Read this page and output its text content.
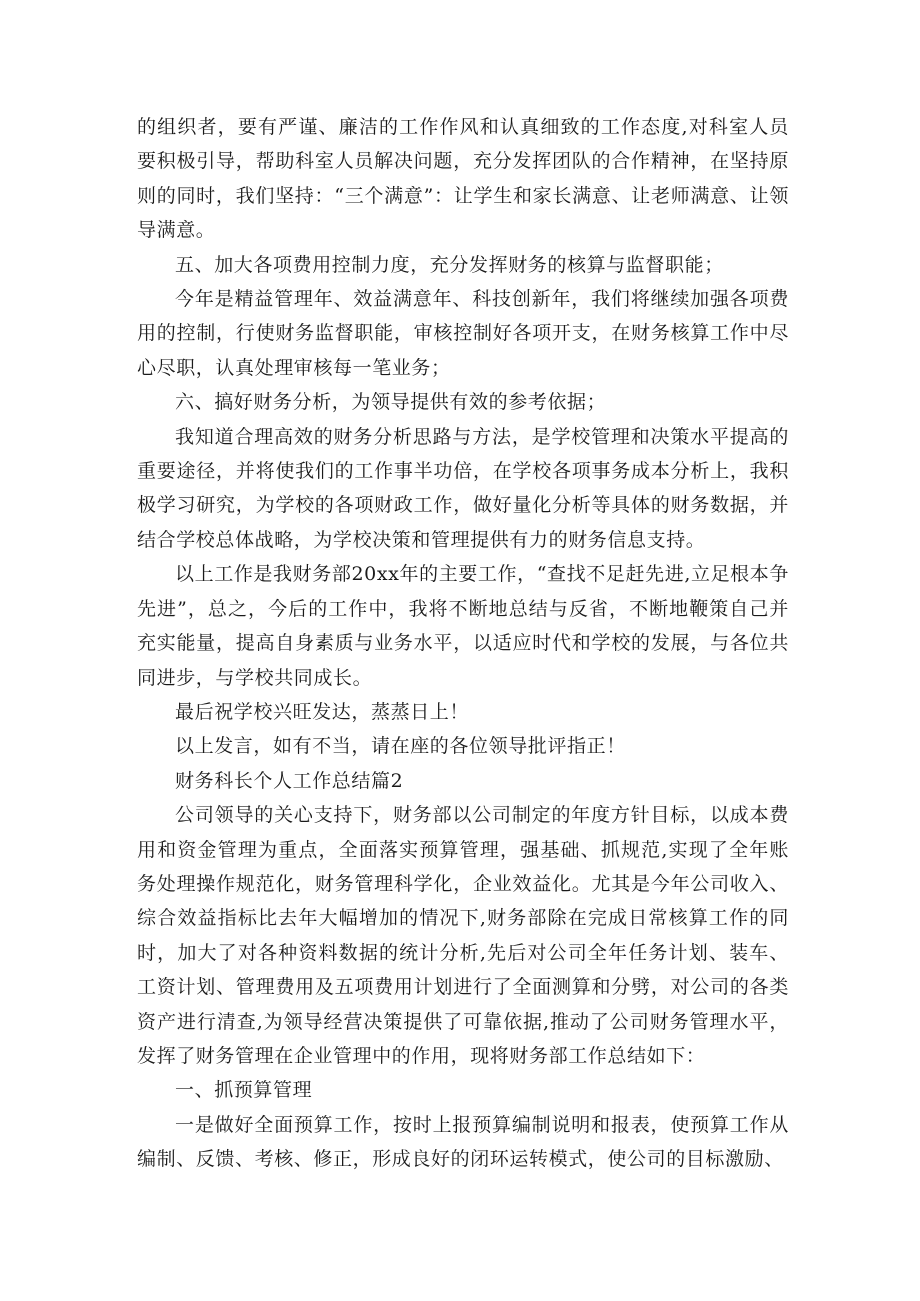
的组织者，要有严谨、廉洁的工作作风和认真细致的工作态度,对科室人员要积极引导，帮助科室人员解决问题，充分发挥团队的合作精神，在坚持原则的同时，我们坚持：“三个满意”：让学生和家长满意、让老师满意、让领导满意。

五、加大各项费用控制力度，充分发挥财务的核算与监督职能；

今年是精益管理年、效益满意年、科技创新年，我们将继续加强各项费用的控制，行使财务监督职能，审核控制好各项开支，在财务核算工作中尽心尽职，认真处理审核每一笔业务；

六、搞好财务分析，为领导提供有效的参考依据；

我知道合理高效的财务分析思路与方法，是学校管理和决策水平提高的重要途径，并将使我们的工作事半功倍，在学校各项事务成本分析上，我积极学习研究，为学校的各项财政工作，做好量化分析等具体的财务数据，并结合学校总体战略，为学校决策和管理提供有力的财务信息支持。

以上工作是我财务部20xx年的主要工作，“查找不足赶先进,立足根本争先进”，总之，今后的工作中，我将不断地总结与反省，不断地鞭策自己并充实能量，提高自身素质与业务水平，以适应时代和学校的发展，与各位共同进步，与学校共同成长。

最后祝学校兴旺发达，蒸蒸日上！

以上发言，如有不当，请在座的各位领导批评指正！

财务科长个人工作总结篇2

公司领导的关心支持下，财务部以公司制定的年度方针目标，以成本费用和资金管理为重点，全面落实预算管理，强基础、抓规范,实现了全年账务处理操作规范化，财务管理科学化，企业效益化。尤其是今年公司收入、综合效益指标比去年大幅增加的情况下,财务部除在完成日常核算工作的同时，加大了对各种资料数据的统计分析,先后对公司全年任务计划、装车、工资计划、管理费用及五项费用计划进行了全面测算和分劈，对公司的各类资产进行清查,为领导经营决策提供了可靠依据,推动了公司财务管理水平，发挥了财务管理在企业管理中的作用，现将财务部工作总结如下：

一、抓预算管理

一是做好全面预算工作，按时上报预算编制说明和报表，使预算工作从编制、反馈、考核、修正，形成良好的闭环运转模式，使公司的目标激励、
